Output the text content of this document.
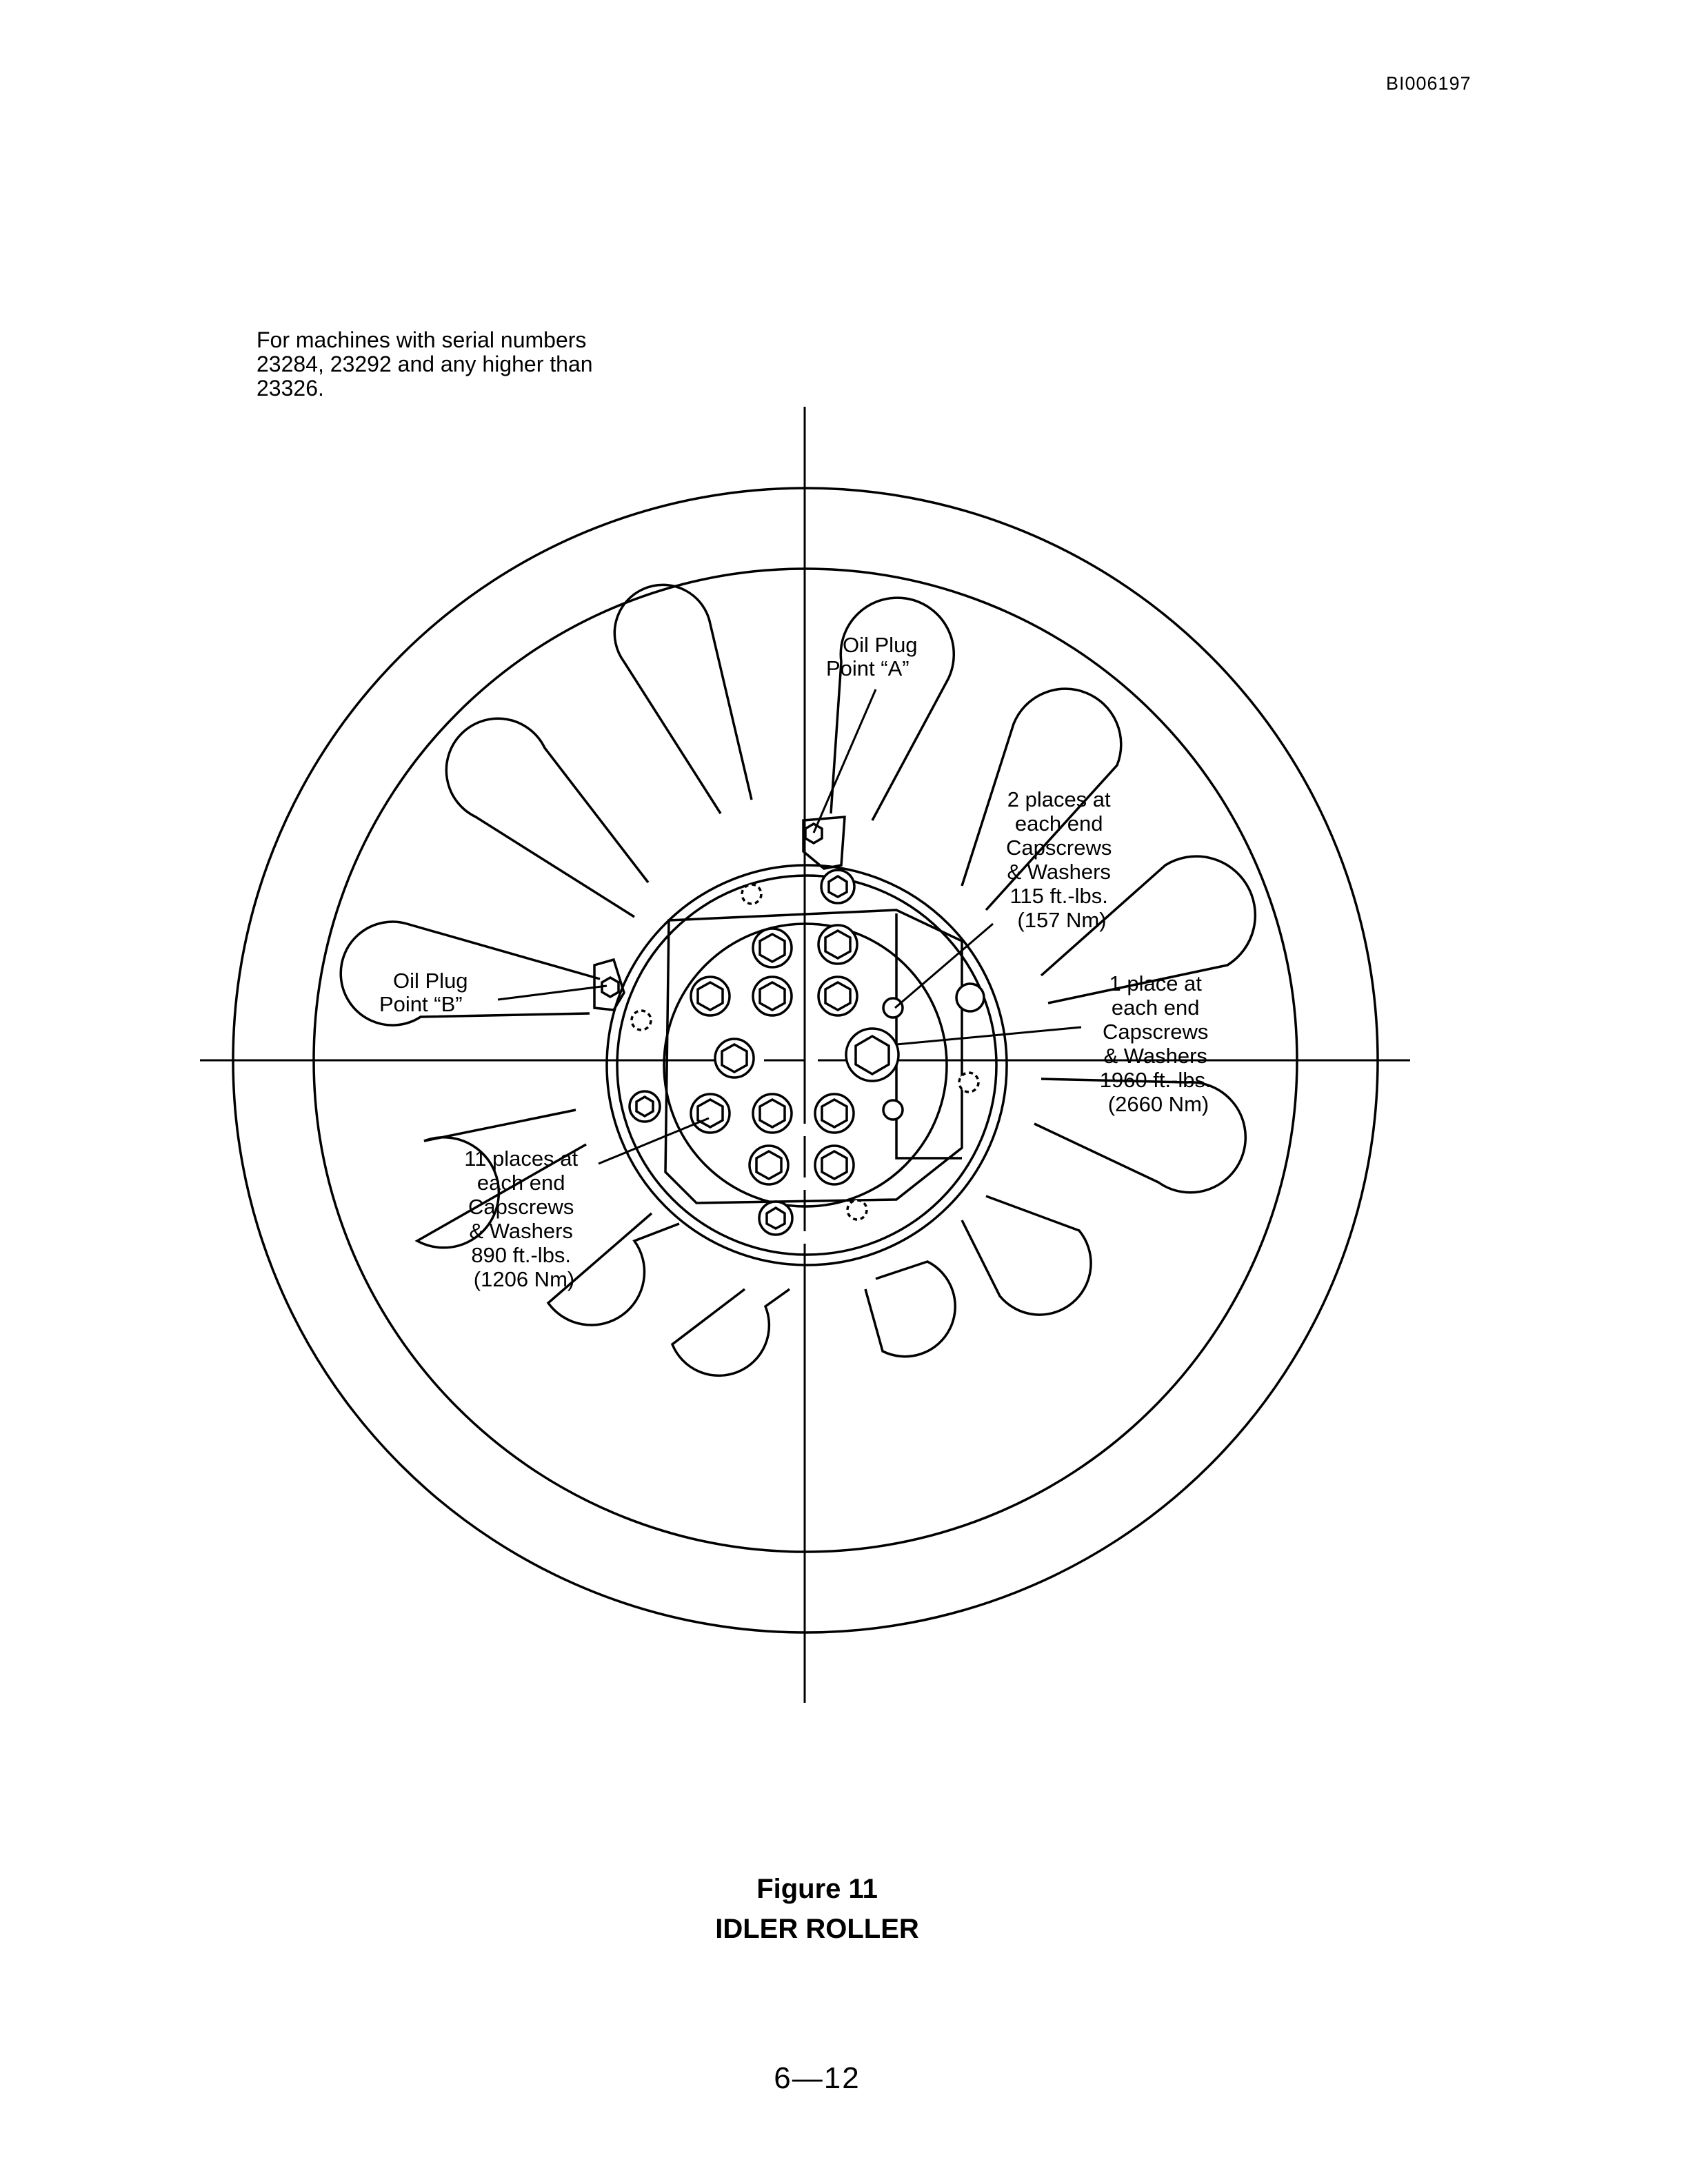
BI006197
For machines with serial numbers
23284, 23292 and any higher than
23326.
Oil Plug Point “A”
Oil Plug Point “B”
2 places at each end Capscrews & Washers 115 ft.-lbs. (157 Nm)
1 place at each end Capscrews & Washers 1960 ft.-lbs. (2660 Nm)
11 places at each end Capscrews & Washers 890 ft.-lbs. (1206 Nm)
Figure 11
IDLER ROLLER
6—12
